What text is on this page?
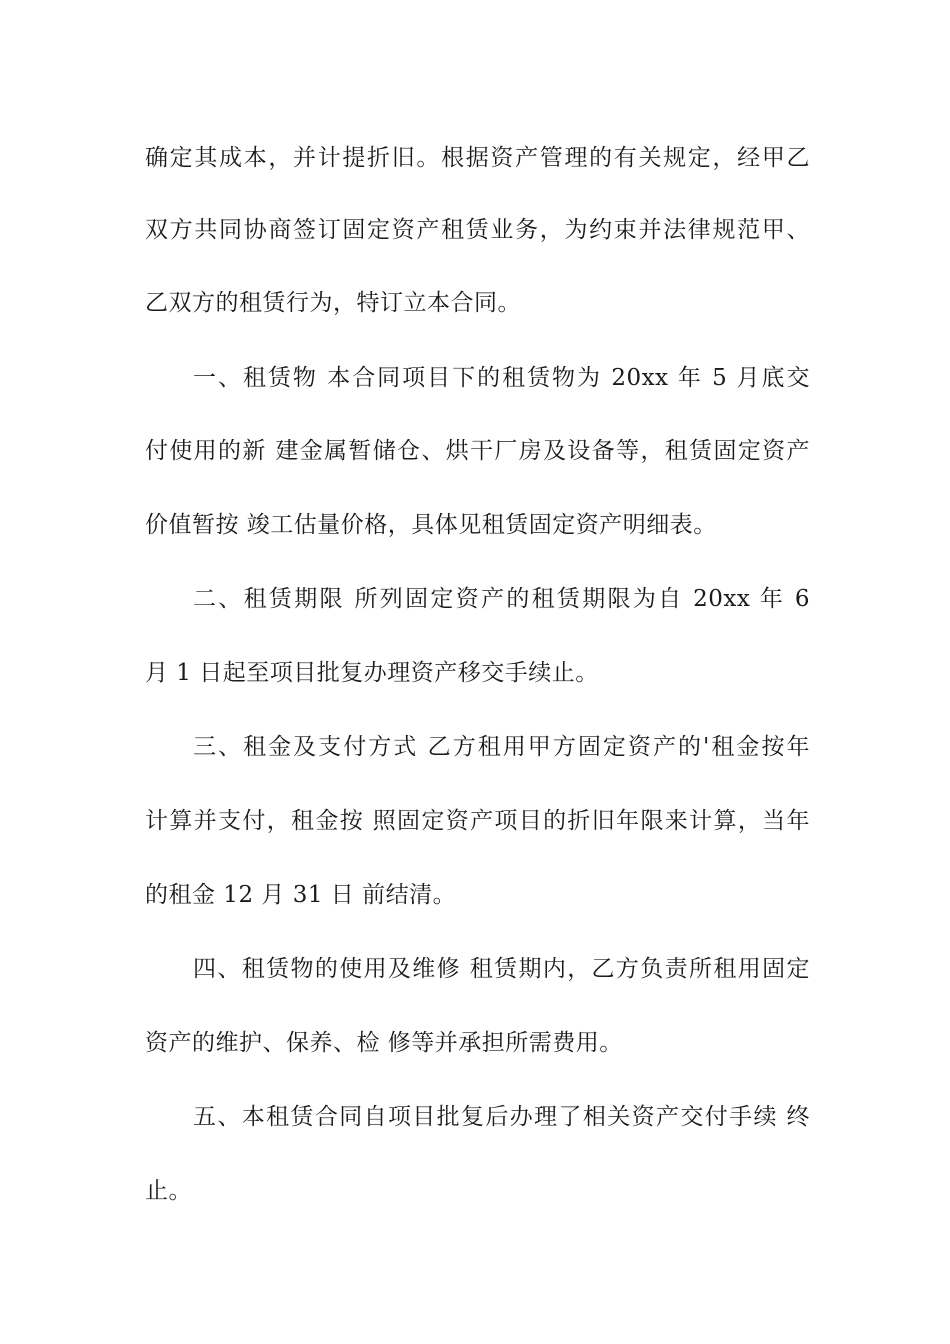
确定其成本，并计提折旧。根据资产管理的有关规定，经甲乙
双方共同协商签订固定资产租赁业务，为约束并法律规范甲、
乙双方的租赁行为，特订立本合同。
一、租赁物 本合同项目下的租赁物为 20xx 年 5 月底交
付使用的新 建金属暂储仓、烘干厂房及设备等，租赁固定资产
价值暂按 竣工估量价格，具体见租赁固定资产明细表。
二、租赁期限 所列固定资产的租赁期限为自 20xx 年 6
月 1 日起至项目批复办理资产移交手续止。
三、租金及支付方式 乙方租用甲方固定资产的'租金按年
计算并支付，租金按 照固定资产项目的折旧年限来计算，当年
的租金 12 月 31 日 前结清。
四、租赁物的使用及维修 租赁期内，乙方负责所租用固定
资产的维护、保养、检 修等并承担所需费用。
五、本租赁合同自项目批复后办理了相关资产交付手续 终
止。
